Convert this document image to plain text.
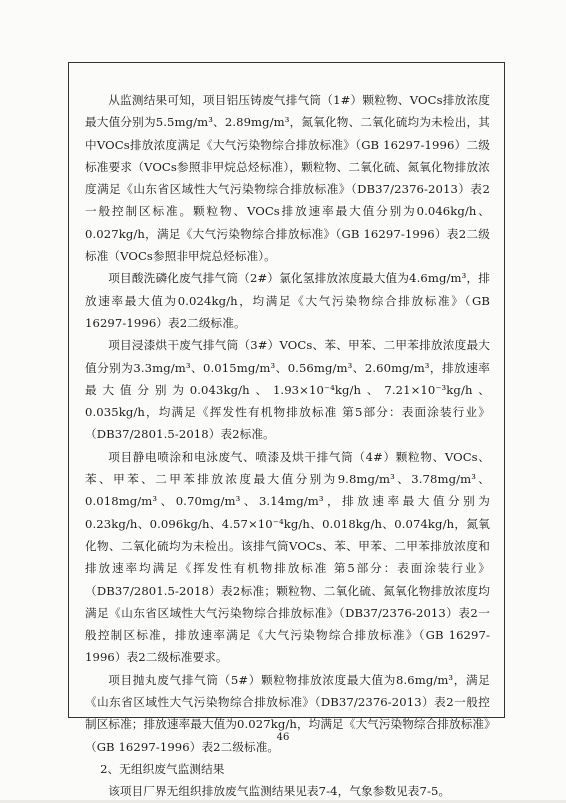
从监测结果可知，项目铝压铸废气排气筒（1#）颗粒物、VOCs排放浓度最大值分别为5.5mg/m³、2.89mg/m³，氮氧化物、二氧化硫均为未检出，其中VOCs排放浓度满足《大气污染物综合排放标准》（GB 16297-1996）二级标准要求（VOCs参照非甲烷总烃标准），颗粒物、二氧化硫、氮氧化物排放浓度满足《山东省区域性大气污染物综合排放标准》（DB37/2376-2013）表2一般控制区标准。颗粒物、VOCs排放速率最大值分别为0.046kg/h、0.027kg/h，满足《大气污染物综合排放标准》（GB 16297-1996）表2二级标准（VOCs参照非甲烷总烃标准）。

项目酸洗磷化废气排气筒（2#）氯化氢排放浓度最大值为4.6mg/m³，排放速率最大值为0.024kg/h，均满足《大气污染物综合排放标准》（GB 16297-1996）表2二级标准。

项目浸漆烘干废气排气筒（3#）VOCs、苯、甲苯、二甲苯排放浓度最大值分别为3.3mg/m³、0.015mg/m³、0.56mg/m³、2.60mg/m³，排放速率最大值分别为0.043kg/h、1.93×10⁻⁴kg/h、7.21×10⁻³kg/h、0.035kg/h，均满足《挥发性有机物排放标准 第5部分：表面涂装行业》（DB37/2801.5-2018）表2标准。

项目静电喷涂和电泳废气、喷漆及烘干排气筒（4#）颗粒物、VOCs、苯、甲苯、二甲苯排放浓度最大值分别为9.8mg/m³、3.78mg/m³、0.018mg/m³、0.70mg/m³、3.14mg/m³，排放速率最大值分别为0.23kg/h、0.096kg/h、4.57×10⁻⁴kg/h、0.018kg/h、0.074kg/h，氮氧化物、二氧化硫均为未检出。该排气筒VOCs、苯、甲苯、二甲苯排放浓度和排放速率均满足《挥发性有机物排放标准 第5部分：表面涂装行业》（DB37/2801.5-2018）表2标准；颗粒物、二氧化硫、氮氧化物排放浓度均满足《山东省区域性大气污染物综合排放标准》（DB37/2376-2013）表2一般控制区标准，排放速率满足《大气污染物综合排放标准》（GB 16297-1996）表2二级标准要求。

项目抛丸废气排气筒（5#）颗粒物排放浓度最大值为8.6mg/m³，满足《山东省区域性大气污染物综合排放标准》（DB37/2376-2013）表2一般控制区标准；排放速率最大值为0.027kg/h，均满足《大气污染物综合排放标准》（GB 16297-1996）表2二级标准。

2、无组织废气监测结果

该项目厂界无组织排放废气监测结果见表7-4，气象参数见表7-5。

46
